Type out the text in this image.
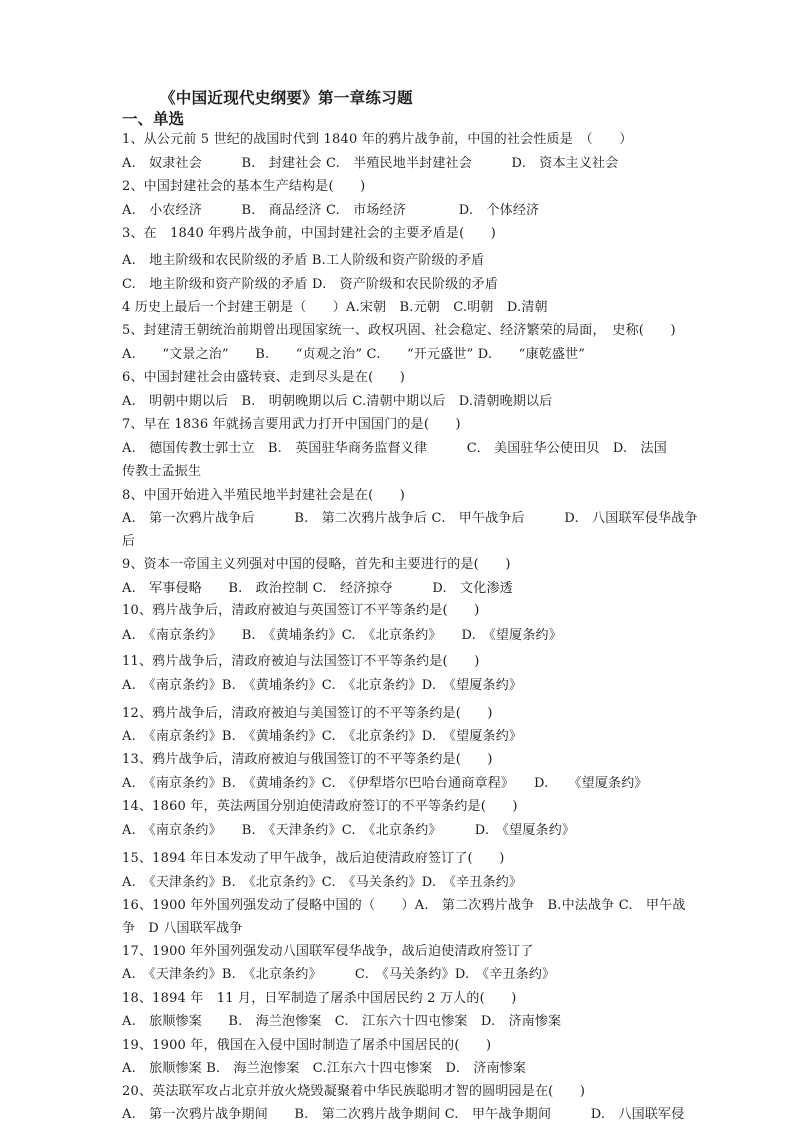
《中国近现代史纲要》第一章练习题
一、单选
1、从公元前 5 世纪的战国时代到 1840 年的鸦片战争前，中国的社会性质是　（　　）
A.　奴隶社会　　　B.　封建社会 C.　半殖民地半封建社会　　　D.　资本主义社会
2、中国封建社会的基本生产结构是(　　)
A.　小农经济　　　B.　商品经济 C.　市场经济　　　　D.　个体经济
3、在　1840 年鸦片战争前，中国封建社会的主要矛盾是(　　)
A.　地主阶级和农民阶级的矛盾 B.工人阶级和资产阶级的矛盾
C.　地主阶级和资产阶级的矛盾 D.　资产阶级和农民阶级的矛盾
4 历史上最后一个封建王朝是（　　）A.宋朝　B.元朝　C.明朝　D.清朝
5、封建清王朝统治前期曾出现国家统一、政权巩固、社会稳定、经济繁荣的局面，　史称(　　)
A.　　“文景之治”　　B.　　“贞观之治” C.　　“开元盛世” D.　　“康乾盛世”
6、中国封建社会由盛转衰、走到尽头是在(　　)
A.　明朝中期以后　B.　明朝晚期以后 C.清朝中期以后　D.清朝晚期以后
7、早在 1836 年就扬言要用武力打开中国国门的是(　　)
A.　德国传教士郭士立　B.　英国驻华商务监督义律　　　C.　美国驻华公使田贝　D.　法国
传教士孟振生
8、中国开始进入半殖民地半封建社会是在(　　)
A.　第一次鸦片战争后　　　B.　第二次鸦片战争后 C.　甲午战争后　　　D.　八国联军侵华战争
后
9、资本一帝国主义列强对中国的侵略，首先和主要进行的是(　　)
A.　军事侵略　　B.　政治控制 C.　经济掠夺　　　D.　文化渗透
10、鸦片战争后，清政府被迫与英国签订不平等条约是(　　)
A.　《南京条约》　　B.　《黄埔条约》C.　《北京条约》　　D.　《望厦条约》
11、鸦片战争后，清政府被迫与法国签订不平等条约是(　　)
A.　《南京条约》B.　《黄埔条约》C.　《北京条约》D.　《望厦条约》
12、鸦片战争后，清政府被迫与美国签订的不平等条约是(　　)
A.　《南京条约》B.　《黄埔条约》C.　《北京条约》D.　《望厦条约》
13、鸦片战争后，清政府被迫与俄国签订的不平等条约是(　　)
A.　《南京条约》B.　《黄埔条约》C.　《伊犁塔尔巴哈台通商章程》　　D.　　《望厦条约》
14、1860 年，英法两国分别迫使清政府签订的不平等条约是(　　)
A.　《南京条约》　　B.　《天津条约》C.　《北京条约》　　　D.　《望厦条约》
15、1894 年日本发动了甲午战争，战后迫使清政府签订了(　　)
A.　《天津条约》B.　《北京条约》C.　《马关条约》D.　《辛丑条约》
16、1900 年外国列强发动了侵略中国的（　　）A.　第二次鸦片战争　B.中法战争 C.　甲午战
争　D 八国联军战争
17、1900 年外国列强发动八国联军侵华战争，战后迫使清政府签订了
A.　《天津条约》B.　《北京条约》　　　C.　《马关条约》D.　《辛丑条约》
18、1894 年　11 月，日军制造了屠杀中国居民约 2 万人的(　　)
A.　旅顺惨案　　B.　海兰泡惨案　C.　江东六十四屯惨案　D.　济南惨案
19、1900 年，俄国在入侵中国时制造了屠杀中国居民的(　　)
A.　旅顺惨案 B.　海兰泡惨案　C.江东六十四屯惨案　D.　济南惨案
20、英法联军攻占北京并放火烧毁凝聚着中华民族聪明才智的圆明园是在(　　)
A.　第一次鸦片战争期间　　B.　第二次鸦片战争期间 C.　甲午战争期间　　　D.　八国联军侵
